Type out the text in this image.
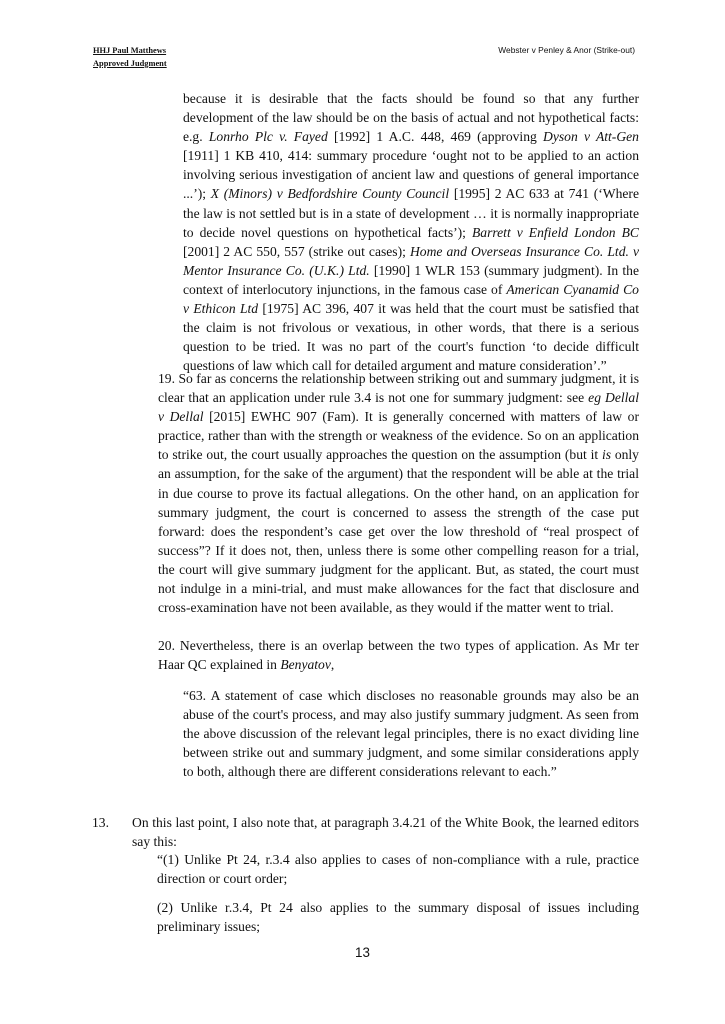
HHJ Paul Matthews
Approved Judgment
Webster v Penley & Anor (Strike-out)
because it is desirable that the facts should be found so that any further development of the law should be on the basis of actual and not hypothetical facts: e.g. Lonrho Plc v. Fayed [1992] 1 A.C. 448, 469 (approving Dyson v Att-Gen [1911] 1 KB 410, 414: summary procedure ‘ought not to be applied to an action involving serious investigation of ancient law and questions of general importance ...’); X (Minors) v Bedfordshire County Council [1995] 2 AC 633 at 741 (‘Where the law is not settled but is in a state of development … it is normally inappropriate to decide novel questions on hypothetical facts’); Barrett v Enfield London BC [2001] 2 AC 550, 557 (strike out cases); Home and Overseas Insurance Co. Ltd. v Mentor Insurance Co. (U.K.) Ltd. [1990] 1 WLR 153 (summary judgment). In the context of interlocutory injunctions, in the famous case of American Cyanamid Co v Ethicon Ltd [1975] AC 396, 407 it was held that the court must be satisfied that the claim is not frivolous or vexatious, in other words, that there is a serious question to be tried. It was no part of the court's function ‘to decide difficult questions of law which call for detailed argument and mature consideration’.”
19. So far as concerns the relationship between striking out and summary judgment, it is clear that an application under rule 3.4 is not one for summary judgment: see eg Dellal v Dellal [2015] EWHC 907 (Fam). It is generally concerned with matters of law or practice, rather than with the strength or weakness of the evidence. So on an application to strike out, the court usually approaches the question on the assumption (but it is only an assumption, for the sake of the argument) that the respondent will be able at the trial in due course to prove its factual allegations. On the other hand, on an application for summary judgment, the court is concerned to assess the strength of the case put forward: does the respondent’s case get over the low threshold of “real prospect of success”? If it does not, then, unless there is some other compelling reason for a trial, the court will give summary judgment for the applicant. But, as stated, the court must not indulge in a mini-trial, and must make allowances for the fact that disclosure and cross-examination have not been available, as they would if the matter went to trial.
20. Nevertheless, there is an overlap between the two types of application. As Mr ter Haar QC explained in Benyatov,
“63. A statement of case which discloses no reasonable grounds may also be an abuse of the court's process, and may also justify summary judgment. As seen from the above discussion of the relevant legal principles, there is no exact dividing line between strike out and summary judgment, and some similar considerations apply to both, although there are different considerations relevant to each.”
13. On this last point, I also note that, at paragraph 3.4.21 of the White Book, the learned editors say this:
“(1) Unlike Pt 24, r.3.4 also applies to cases of non-compliance with a rule, practice direction or court order;
(2) Unlike r.3.4, Pt 24 also applies to the summary disposal of issues including preliminary issues;
13
